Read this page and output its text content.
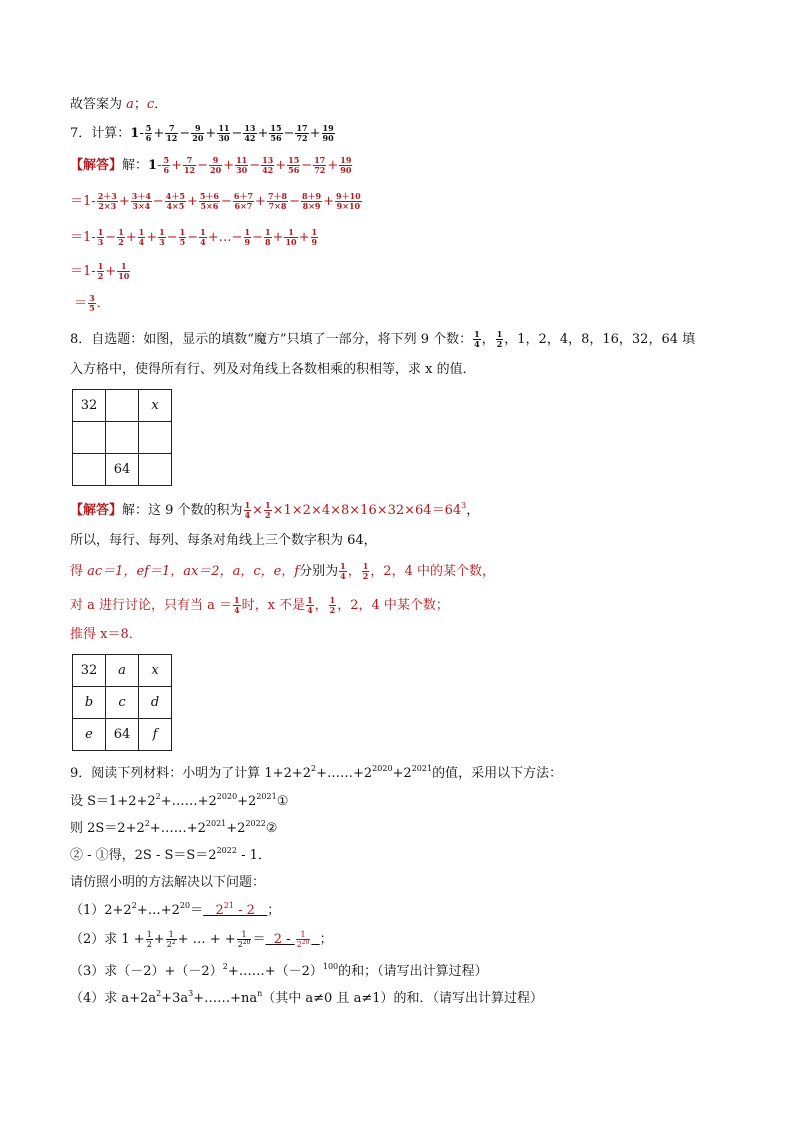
故答案为 a；c．
7．计算：$1- \frac{5}{6} + \frac{7}{12} - \frac{9}{20} + \frac{11}{30} - \frac{13}{42} + \frac{15}{56} - \frac{17}{72} + \frac{19}{90}$
【解答】解：$1- \frac{5}{6} + \frac{7}{12} - \frac{9}{20} + \frac{11}{30} - \frac{13}{42} + \frac{15}{56} - \frac{17}{72} + \frac{19}{90}$
$=1- \frac{2+3}{2\times 3} + \frac{3+4}{3\times 4} - \frac{4+5}{4\times 5} + \frac{5+6}{5\times 6} - \frac{6+7}{6\times 7} + \frac{7+8}{7\times 8} - \frac{8+9}{8\times 9} + \frac{9+10}{9\times 10}$
$=1- \frac{1}{3} - \frac{1}{2} + \frac{1}{4} + \frac{1}{3} - \frac{1}{5} - \frac{1}{4}$ +…− $\frac{1}{9} - \frac{1}{8} + \frac{1}{10} + \frac{1}{9}$
$=1- \frac{1}{2} + \frac{1}{10}$
＝ $\frac{3}{5}$ ．
8．自选题：如图，显示的填数“魔方”只填了一部分，将下列 9 个数： $\frac{1}{4}$ ， $\frac{1}{2}$ ，1，2，4，8，16，32，64 填
入方格中，使得所有行、列及对角线上各数相乘的积相等，求 x 的值．
32		x

	64	
【解答】解：这 9 个数的积为 $\frac{1}{4} \times \frac{1}{2} \times 1\times 2\times 4\times 8\times 16\times 32\times 64=64^3$，
所以，每行、每列、每条对角线上三个数字积为 64，
得 ac＝1，ef＝1，ax＝2，a，c，e，f分别为 $\frac{1}{4}$ ， $\frac{1}{2}$ ，2，4 中的某个数，
对 a 进行讨论，只有当 $a = \frac{1}{4}$ 时，x 不是 $\frac{1}{4}$ ， $\frac{1}{2}$ ，2，4 中某个数；
推得 x＝8．
32	a	x
b	c	d
e	64	f
9．阅读下列材料：小明为了计算 $1+2+2^2+\dots\dots+2^{2020}+2^{2021}$的值，采用以下方法：
设 $S=1+2+2^2+\dots\dots+2^{2020}+2^{2021}①$
则 $2S=2+2^2+\dots\dots+2^{2021}+2^{2022}②$
② - ①得，$2S - S=S=2^{2022} - 1$．
请仿照小明的方法解决以下问题：
$(1)2+2^2+\dots+2^{20}= 2^{21} - 2$ ；
（2）求 $1 + \frac{1}{2} + \frac{1}{2^2}$ + … + + $\frac{1}{2^{20}} = 2 - \frac{1}{2^{20}}$ ；
（3）求$(-2)+(-2)^2+\dots\dots+(-2)^{100}$的和；（请写出计算过程）
（4）求 $a+2a^2+3a^3+\dots\dots+na^n$（其中 a≠0 且 a≠1）的和．（请写出计算过程）
